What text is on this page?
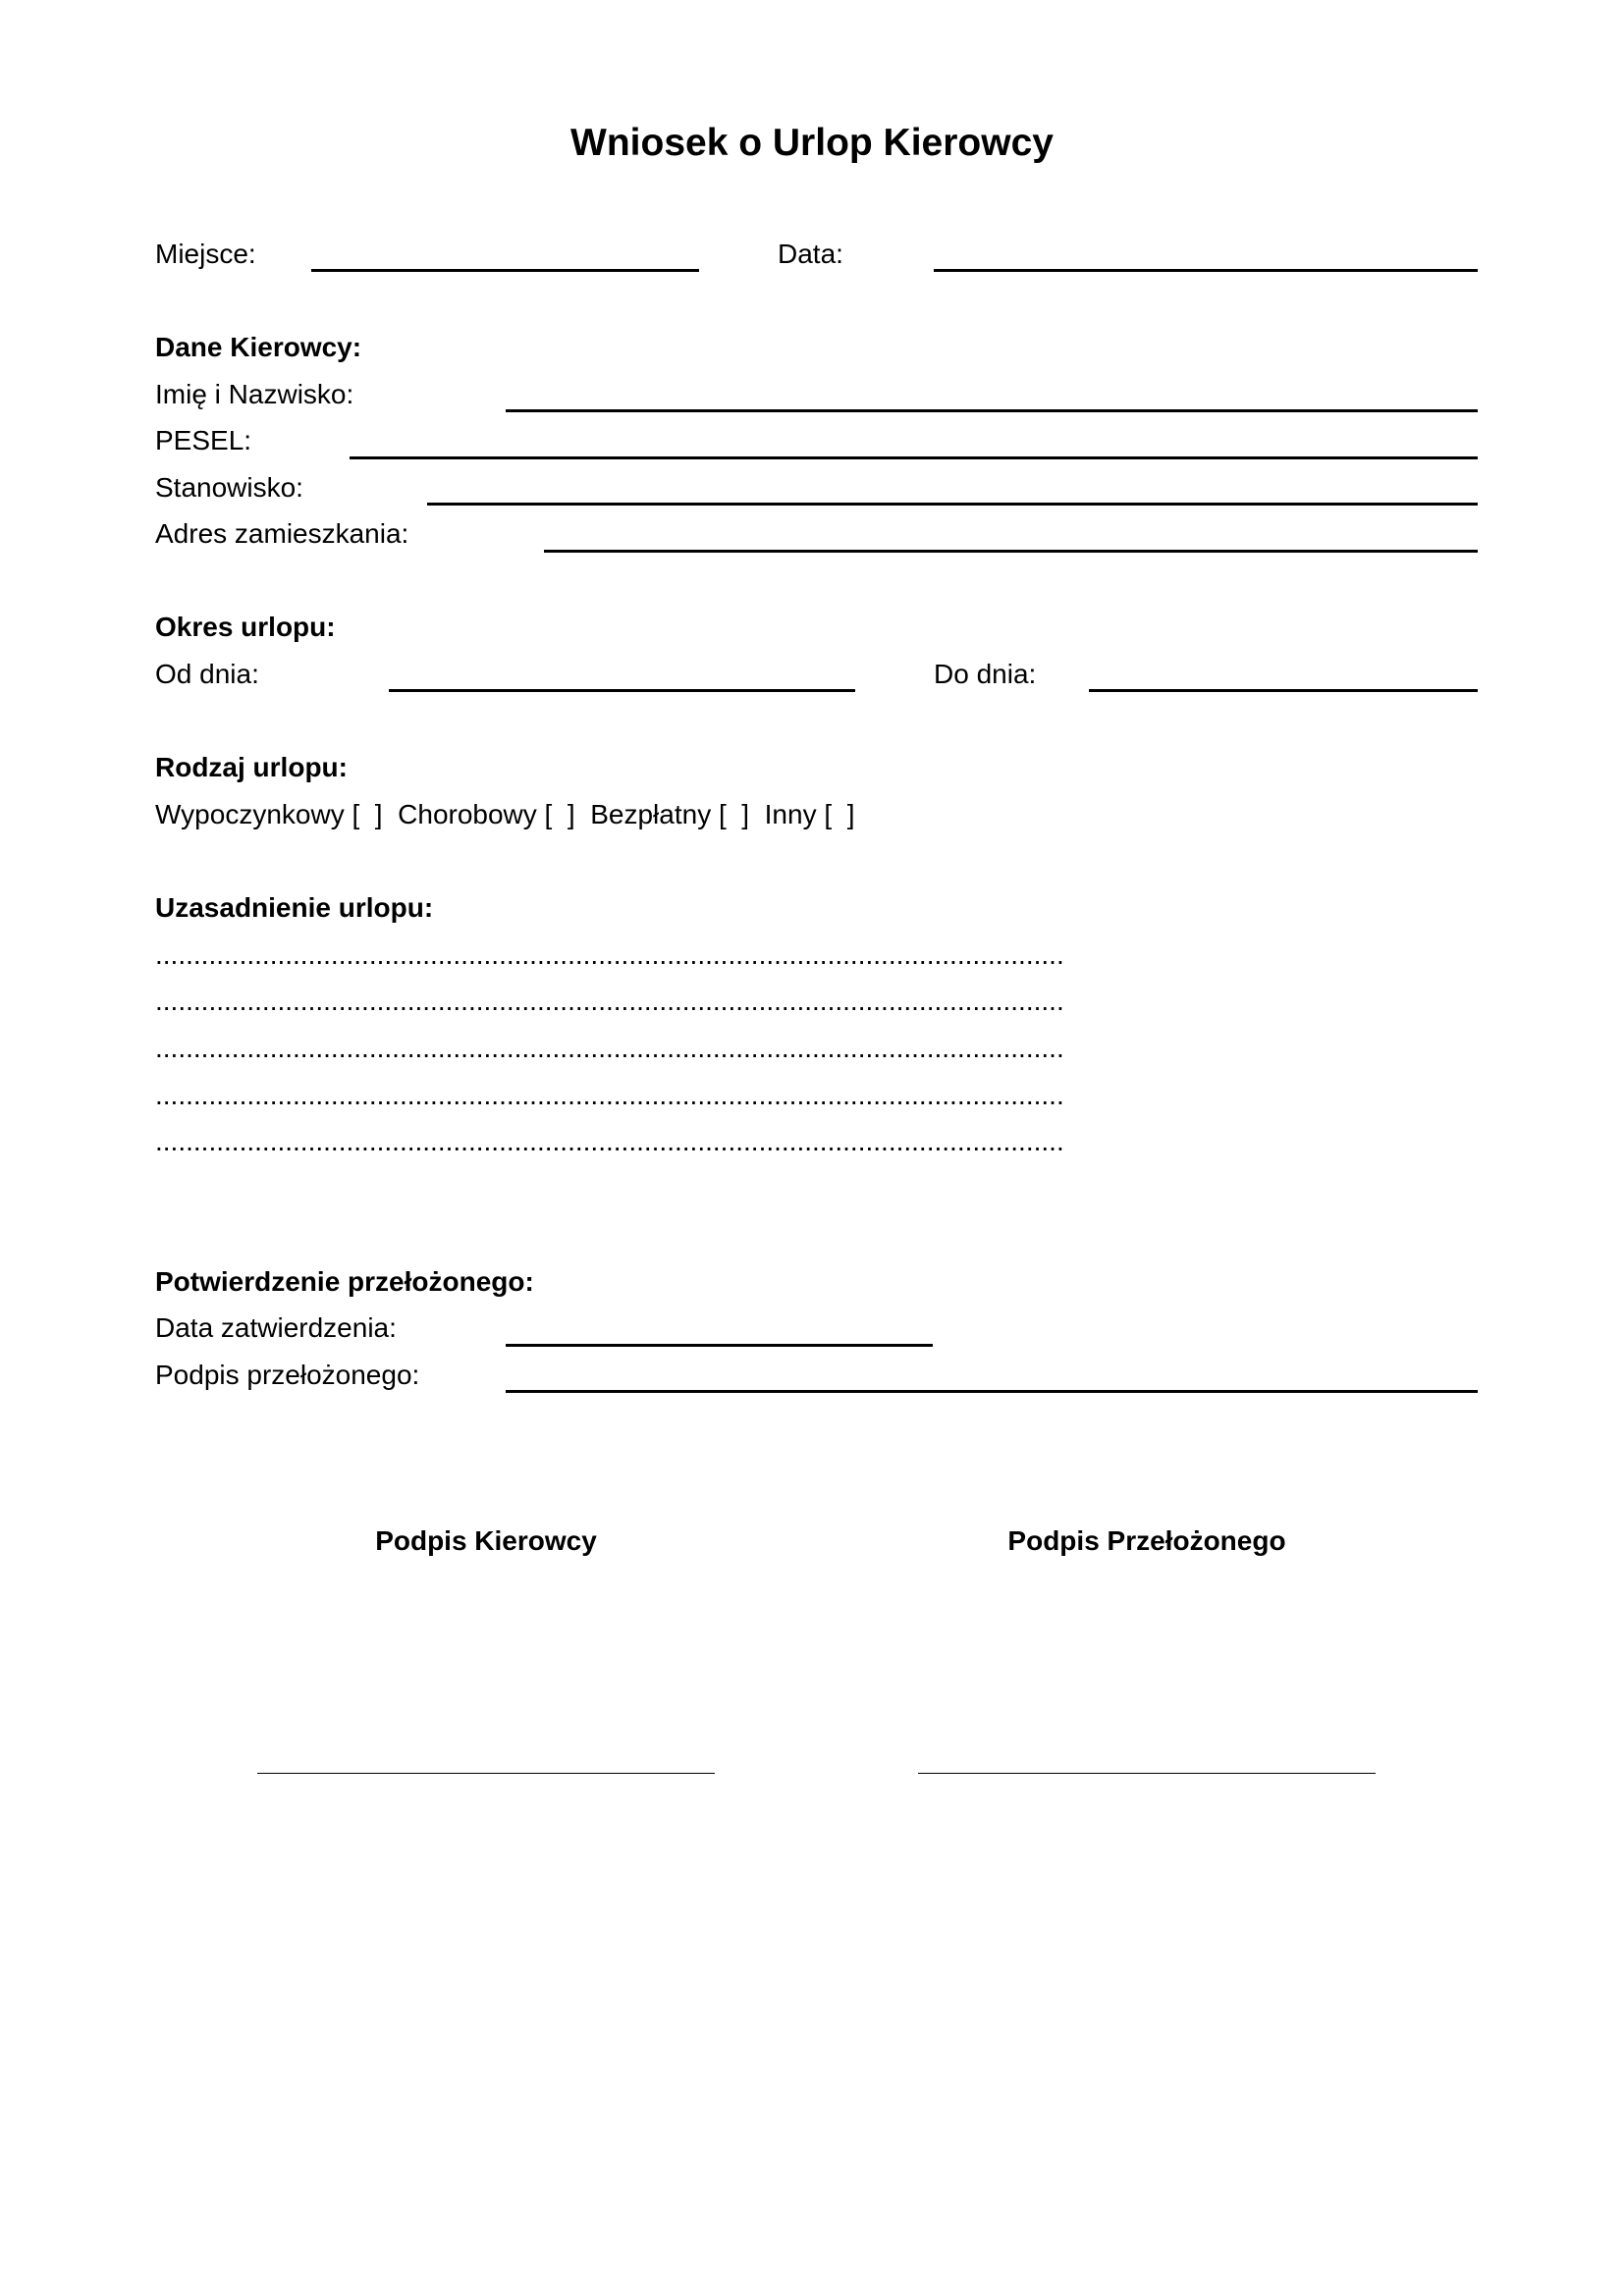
Wniosek o Urlop Kierowcy
Miejsce:	Data:
Dane Kierowcy:
Imię i Nazwisko:
PESEL:
Stanowisko:
Adres zamieszkania:
Okres urlopu:
Od dnia:	Do dnia:
Rodzaj urlopu:
Wypoczynkowy [  ]  Chorobowy [  ]  Bezpłatny [  ]  Inny [  ]
Uzasadnienie urlopu:
.......................................................................................................................
.......................................................................................................................
.......................................................................................................................
.......................................................................................................................
.......................................................................................................................
Potwierdzenie przełożonego:
Data zatwierdzenia:
Podpis przełożonego:
Podpis Kierowcy	Podpis Przełożonego
